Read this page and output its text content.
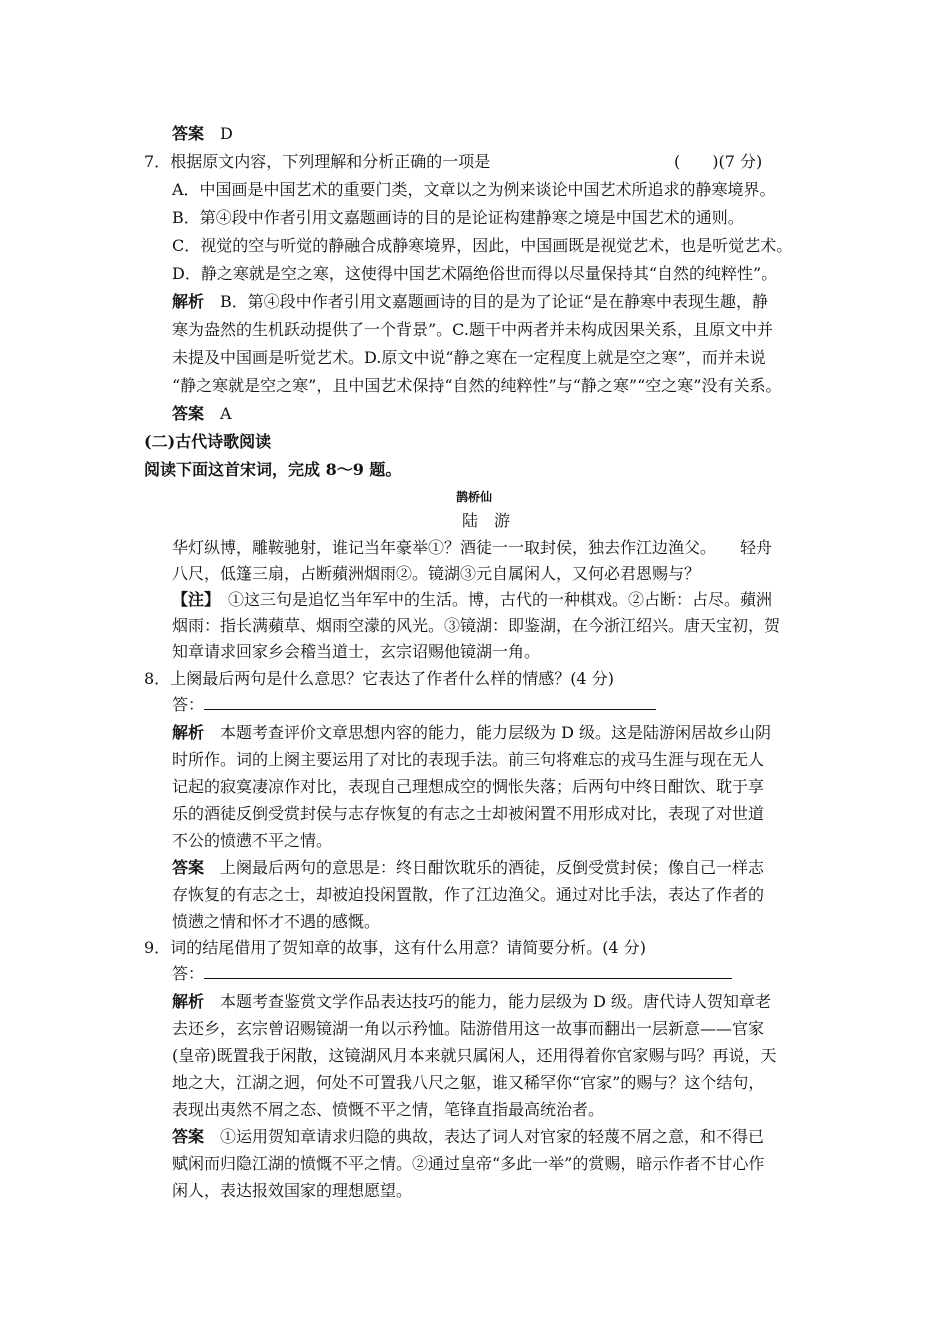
答案　 D
7．根据原文内容，下列理解和分析正确的一项是	(　　)(7 分)
A．中国画是中国艺术的重要门类，文章以之为例来谈论中国艺术所追求的静寒境界。
B．第④段中作者引用文嘉题画诗的目的是论证构建静寒之境是中国艺术的通则。
C．视觉的空与听觉的静融合成静寒境界，因此，中国画既是视觉艺术，也是听觉艺术。
D．静之寒就是空之寒，这使得中国艺术隔绝俗世而得以尽量保持其“自然的纯粹性”。
解析　 B．第④段中作者引用文嘉题画诗的目的是为了论证“是在静寒中表现生趣，静
寒为盎然的生机跃动提供了一个背景”。C.题干中两者并未构成因果关系，且原文中并
未提及中国画是听觉艺术。D.原文中说“静之寒在一定程度上就是空之寒”，而并未说
“静之寒就是空之寒”，且中国艺术保持“自然的纯粹性”与“静之寒”“空之寒”没有关系。
答案　 A
(二)古代诗歌阅读
阅读下面这首宋词，完成 8～9 题。
鹊桥仙
陆　游
华灯纵博，雕鞍驰射，谁记当年豪举①？酒徒一一取封侯，独去作江边渔父。　　轻舟
八尺，低篷三扇，占断蘋洲烟雨②。镜湖③元自属闲人，又何必君恩赐与？
【注】　①这三句是追忆当年军中的生活。博，古代的一种棋戏。②占断：占尽。蘋洲
烟雨：指长满蘋草、烟雨空濛的风光。③镜湖：即鉴湖，在今浙江绍兴。唐天宝初，贺
知章请求回家乡会稽当道士，玄宗诏赐他镜湖一角。
8．上阕最后两句是什么意思？它表达了作者什么样的情感？(4 分)
答：
解析　 本题考查评价文章思想内容的能力，能力层级为 D 级。这是陆游闲居故乡山阴
时所作。词的上阕主要运用了对比的表现手法。前三句将难忘的戎马生涯与现在无人
记起的寂寞凄凉作对比，表现自己理想成空的惆怅失落；后两句中终日酣饮、耽于享
乐的酒徒反倒受赏封侯与志存恢复的有志之士却被闲置不用形成对比，表现了对世道
不公的愤懑不平之情。
答案　 上阕最后两句的意思是：终日酣饮耽乐的酒徒，反倒受赏封侯；像自己一样志
存恢复的有志之士，却被迫投闲置散，作了江边渔父。通过对比手法，表达了作者的
愤懑之情和怀才不遇的感慨。
9．词的结尾借用了贺知章的故事，这有什么用意？请简要分析。(4 分)
答：
解析　 本题考查鉴赏文学作品表达技巧的能力，能力层级为 D 级。唐代诗人贺知章老
去还乡，玄宗曾诏赐镜湖一角以示矜恤。陆游借用这一故事而翻出一层新意——官家
(皇帝)既置我于闲散，这镜湖风月本来就只属闲人，还用得着你官家赐与吗？再说，天
地之大，江湖之迥，何处不可置我八尺之躯，谁又稀罕你“官家”的赐与？这个结句，
表现出夷然不屑之态、愤慨不平之情，笔锋直指最高统治者。
答案　 ①运用贺知章请求归隐的典故，表达了词人对官家的轻蔑不屑之意，和不得已
赋闲而归隐江湖的愤慨不平之情。②通过皇帝“多此一举”的赏赐，暗示作者不甘心作
闲人，表达报效国家的理想愿望。
